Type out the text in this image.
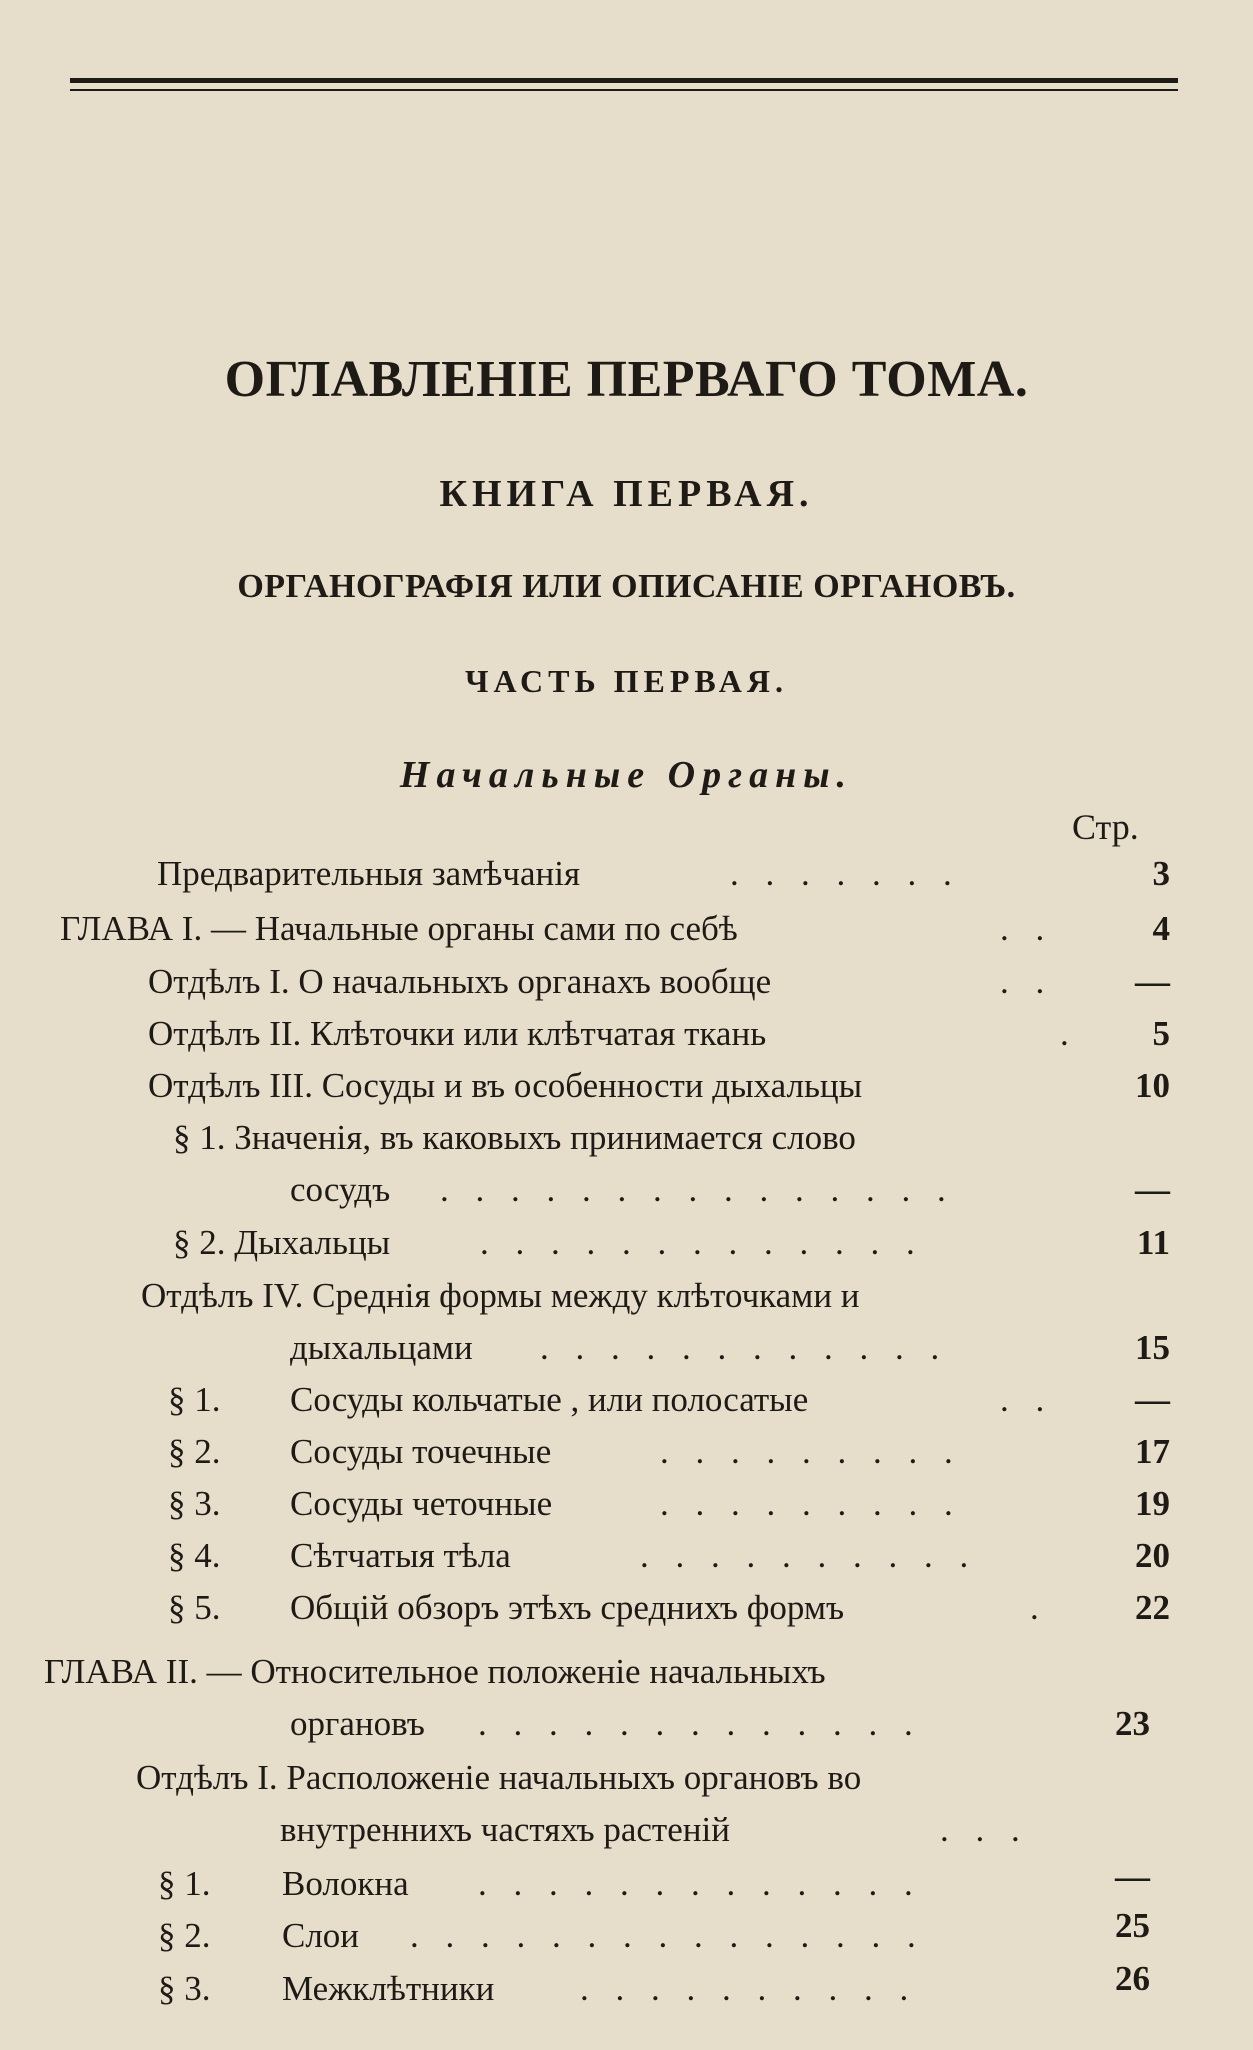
ОГЛАВЛЕНІЕ ПЕРВАГО ТОМА.
КНИГА ПЕРВАЯ.
ОРГАНОГРАФІЯ ИЛИ ОПИСАНІЕ ОРГАНОВЪ.
ЧАСТЬ ПЕРВАЯ.
Начальные Органы.
Стр.
Предварительныя замѣчанія	. . . . . . .	3
ГЛАВА І. — Начальные органы сами по себѣ	. .	4
Отдѣлъ I. О начальныхъ органахъ вообще	. .	—
Отдѣлъ II. Клѣточки или клѣтчатая ткань	.	5
Отдѣлъ III. Сосуды и въ особенности дыхальцы	10
§ 1. Значенія, въ каковыхъ принимается слово
сосудъ . . . . . . . . . . . . . . .	—
§ 2. Дыхальцы	. . . . . . . . . . . . .	11
Отдѣлъ IV. Среднія формы между клѣточками и
дыхальцами . . . . . . . . . . . .	15
§ 1. Сосуды кольчатые , или полосатые	. .	—
§ 2. Сосуды точечные	. . . . . . . . .	17
§ 3. Сосуды четочные	. . . . . . . . .	19
§ 4. Сѣтчатыя тѣла	. . . . . . . . . .	20
§ 5. Общій обзоръ этѣхъ среднихъ формъ	.	22
ГЛАВА II. — Относительное положеніе начальныхъ
органовъ . . . . . . . . . . . . .	23
Отдѣлъ I. Расположеніе начальныхъ органовъ во
внутреннихъ частяхъ растеній	. . .
§ 1. Волокна . . . . . . . . . . . . .	—
§ 2. Слои . . . . . . . . . . . . . . .	25
§ 3. Межклѣтники . . . . . . . . . .	26
